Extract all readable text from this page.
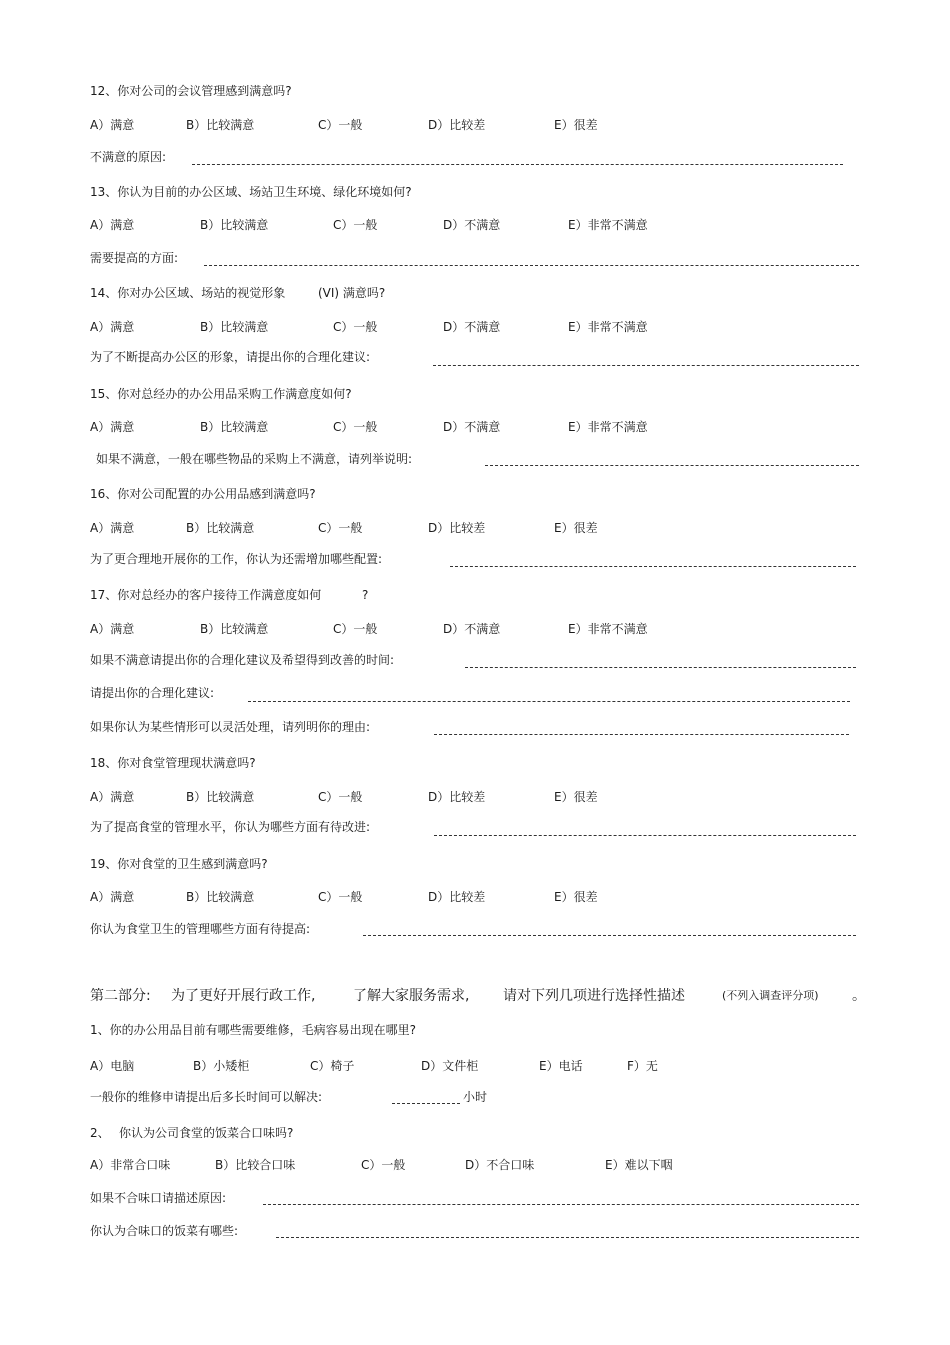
12、你对公司的会议管理感到满意吗?
A）满意	B）比较满意	C）一般	D）比较差	E）很差
不满意的原因:
13、你认为目前的办公区域、场站卫生环境、绿化环境如何?
A）满意	B）比较满意	C）一般	D）不满意	E）非常不满意
需要提高的方面:
14、你对办公区域、场站的视觉形象	(VI) 满意吗?
A）满意	B）比较满意	C）一般	D）不满意	E）非常不满意
为了不断提高办公区的形象，请提出你的合理化建议:
15、你对总经办的办公用品采购工作满意度如何?
A）满意	B）比较满意	C）一般	D）不满意	E）非常不满意
如果不满意，一般在哪些物品的采购上不满意，请列举说明:
16、你对公司配置的办公用品感到满意吗?
A）满意	B）比较满意	C）一般	D）比较差	E）很差
为了更合理地开展你的工作，你认为还需增加哪些配置:
17、你对总经办的客户接待工作满意度如何	?
A）满意	B）比较满意	C）一般	D）不满意	E）非常不满意
如果不满意请提出你的合理化建议及希望得到改善的时间:
请提出你的合理化建议:
如果你认为某些情形可以灵活处理，请列明你的理由:
18、你对食堂管理现状满意吗?
A）满意	B）比较满意	C）一般	D）比较差	E）很差
为了提高食堂的管理水平，你认为哪些方面有待改进:
19、你对食堂的卫生感到满意吗?
A）满意	B）比较满意	C）一般	D）比较差	E）很差
你认为食堂卫生的管理哪些方面有待提高:
第二部分: 为了更好开展行政工作,	了解大家服务需求, 请对下列几项进行选择性描述	(不列入调查评分项) 。
1、你的办公用品目前有哪些需要维修，毛病容易出现在哪里?
A）电脑	B）小矮柜	C）椅子	D）文件柜	E）电话	F）无
一般你的维修申请提出后多长时间可以解决:	小时
2、 你认为公司食堂的饭菜合口味吗?
A）非常合口味	B）比较合口味	C）一般	D）不合口味	E）难以下咽
如果不合味口请描述原因:
你认为合味口的饭菜有哪些:
